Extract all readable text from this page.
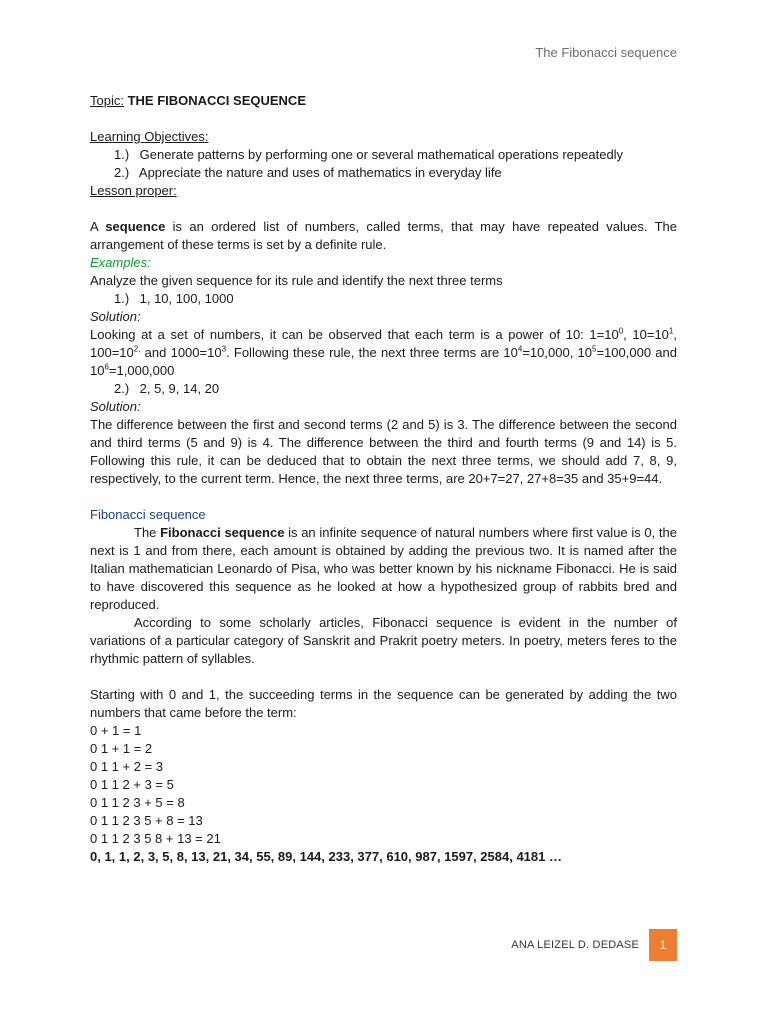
The Fibonacci sequence

Topic: THE FIBONACCI SEQUENCE

Learning Objectives:

1.) Generate patterns by performing one or several mathematical operations repeatedly

2.) Appreciate the nature and uses of mathematics in everyday life

Lesson proper:

A sequence is an ordered list of numbers, called terms, that may have repeated values. The arrangement of these terms is set by a definite rule.

Examples:

Analyze the given sequence for its rule and identify the next three terms

1.) 1, 10, 100, 1000

Solution:

Looking at a set of numbers, it can be observed that each term is a power of 10: $1=10^0$, $10=10^1$, $100=10^{2,}$ and $1000=10^3$. Following these rule, the next three terms are $10^4=10,000$, $10^5=100,000$ and $10^6=1,000,000$

2.) 2, 5, 9, 14, 20

Solution:

The difference between the first and second terms (2 and 5) is 3. The difference between the second and third terms (5 and 9) is 4. The difference between the third and fourth terms (9 and 14) is 5. Following this rule, it can be deduced that to obtain the next three terms, we should add 7, 8, 9, respectively, to the current term. Hence, the next three terms, are 20+7=27, 27+8=35 and 35+9=44.

Fibonacci sequence

The Fibonacci sequence is an infinite sequence of natural numbers where first value is 0, the next is 1 and from there, each amount is obtained by adding the previous two. It is named after the Italian mathematician Leonardo of Pisa, who was better known by his nickname Fibonacci. He is said to have discovered this sequence as he looked at how a hypothesized group of rabbits bred and reproduced.

According to some scholarly articles, Fibonacci sequence is evident in the number of variations of a particular category of Sanskrit and Prakrit poetry meters. In poetry, meters feres to the rhythmic pattern of syllables.

Starting with 0 and 1, the succeeding terms in the sequence can be generated by adding the two numbers that came before the term:

0 + 1 = 1

0 1 + 1 = 2

0 1 1 + 2 = 3

0 1 1 2 + 3 = 5

0 1 1 2 3 + 5 = 8

0 1 1 2 3 5 + 8 = 13

0 1 1 2 3 5 8 + 13 = 21

0, 1, 1, 2, 3, 5, 8, 13, 21, 34, 55, 89, 144, 233, 377, 610, 987, 1597, 2584, 4181 …

ANA LEIZEL D. DEDASE	1
